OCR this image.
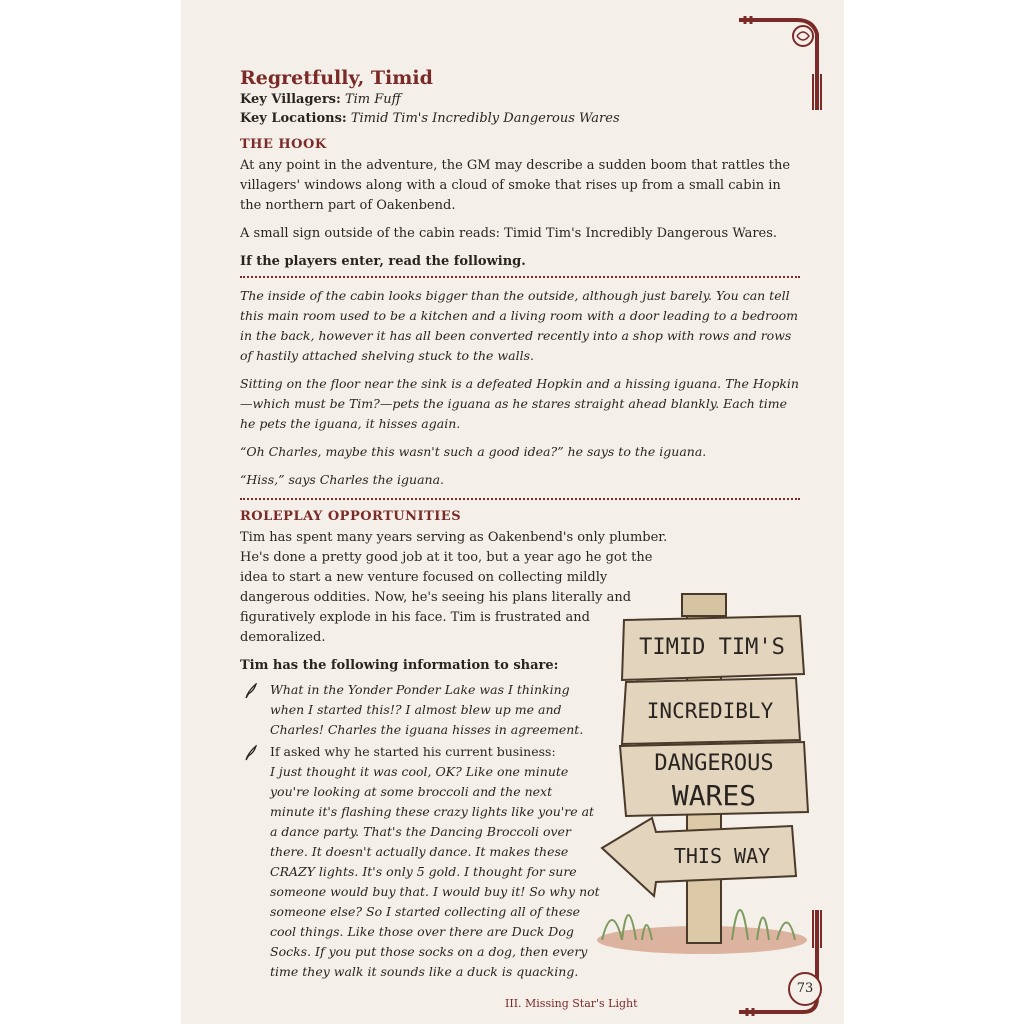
Regretfully, Timid
Key Villagers: Tim Fuff
Key Locations: Timid Tim's Incredibly Dangerous Wares
THE HOOK

At any point in the adventure, the GM may describe a sudden boom that rattles the villagers' windows along with a cloud of smoke that rises up from a small cabin in the northern part of Oakenbend.

A small sign outside of the cabin reads: Timid Tim's Incredibly Dangerous Wares.

If the players enter, read the following.

The inside of the cabin looks bigger than the outside, although just barely. You can tell this main room used to be a kitchen and a living room with a door leading to a bedroom in the back, however it has all been converted recently into a shop with rows and rows of hastily attached shelving stuck to the walls.

Sitting on the floor near the sink is a defeated Hopkin and a hissing iguana. The Hopkin—which must be Tim?—pets the iguana as he stares straight ahead blankly. Each time he pets the iguana, it hisses again.

“Oh Charles, maybe this wasn't such a good idea?” he says to the iguana.

“Hiss,” says Charles the iguana.

ROLEPLAY OPPORTUNITIES

Tim has spent many years serving as Oakenbend's only plumber. He's done a pretty good job at it too, but a year ago he got the idea to start a new venture focused on collecting mildly dangerous oddities. Now, he's seeing his plans literally and figuratively explode in his face. Tim is frustrated and demoralized.

Tim has the following information to share:

What in the Yonder Ponder Lake was I thinking when I started this!? I almost blew up me and Charles! Charles the iguana hisses in agreement.
If asked why he started his current business:
I just thought it was cool, OK? Like one minute you're looking at some broccoli and the next minute it's flashing these crazy lights like you're at a dance party. That's the Dancing Broccoli over there. It doesn't actually dance. It makes these CRAZY lights. It's only 5 gold. I thought for sure someone would buy that. I would buy it! So why not someone else? So I started collecting all of these cool things. Like those over there are Duck Dog Socks. If you put those socks on a dog, then every time they walk it sounds like a duck is quacking.
TIMID TIM'S
INCREDIBLY
DANGEROUS
WARES
THIS WAY
III. Missing Star's Light
73
